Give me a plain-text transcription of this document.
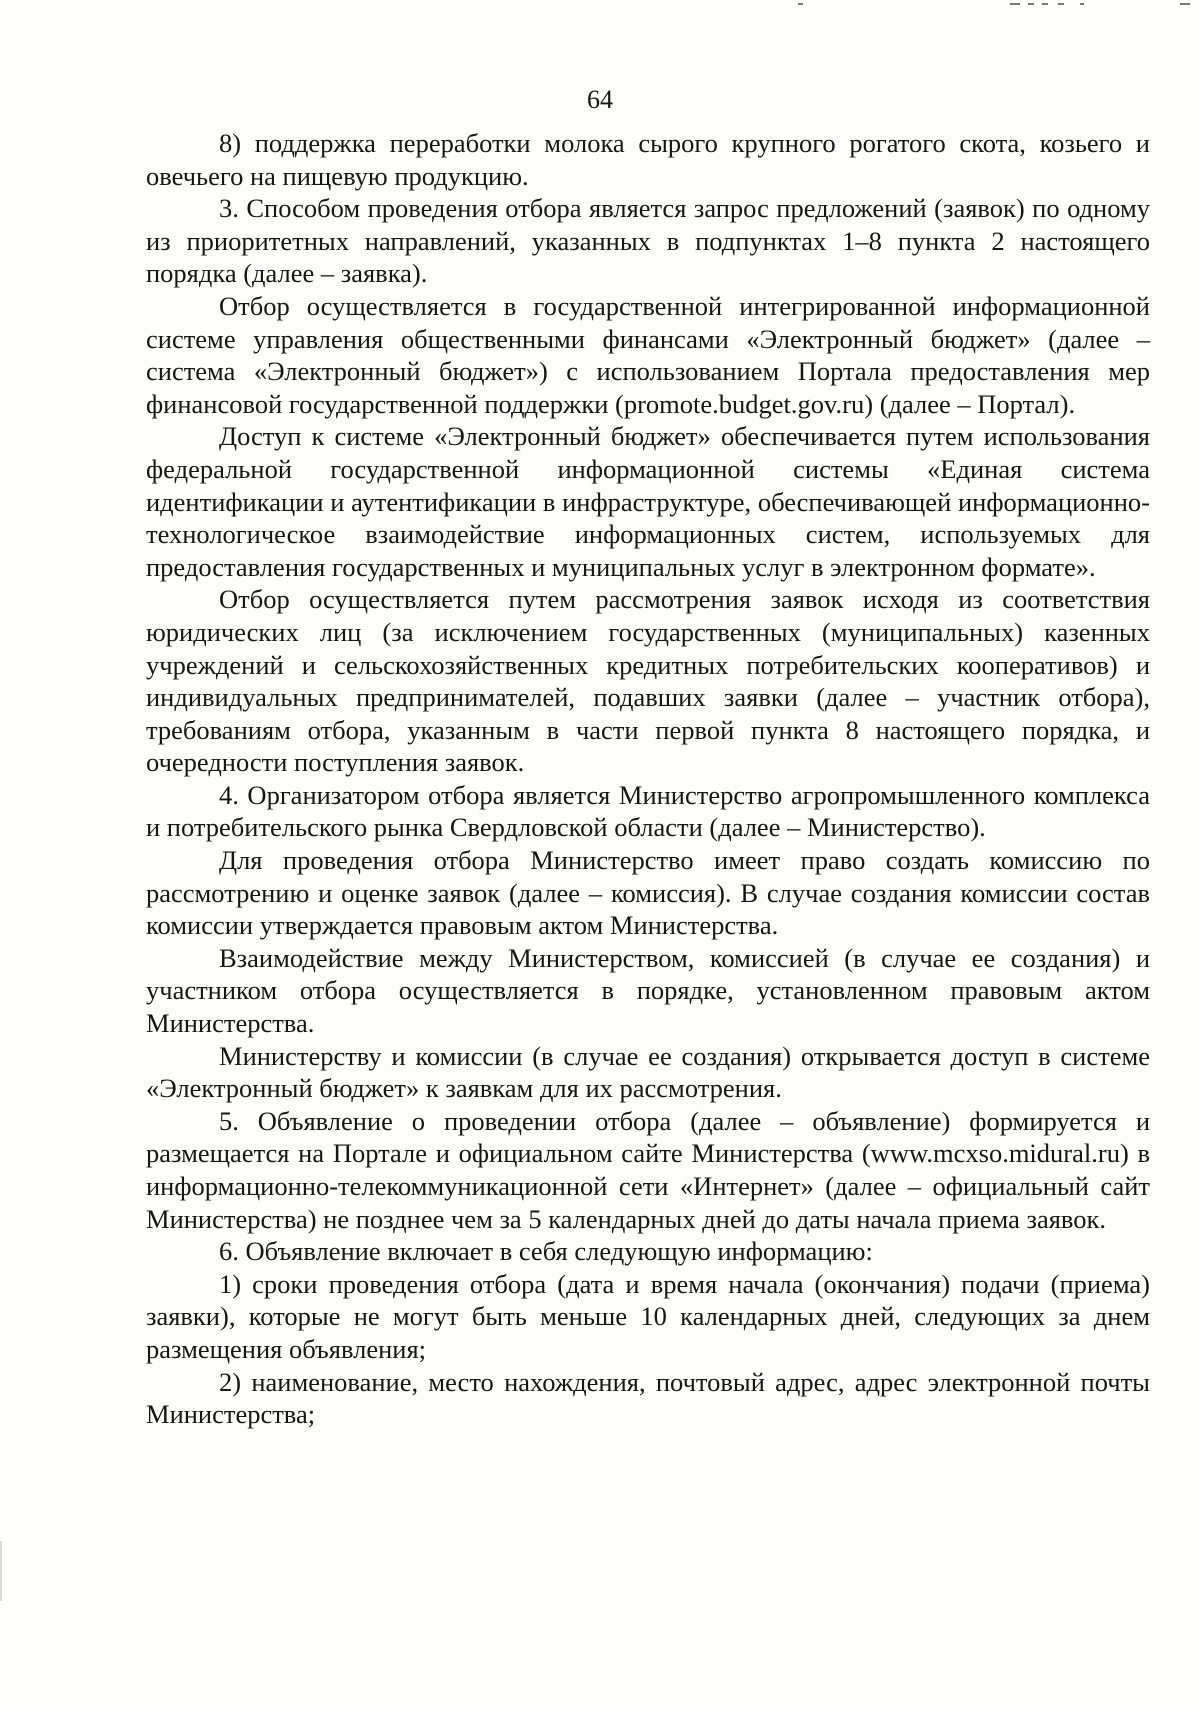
64

8) поддержка переработки молока сырого крупного рогатого скота, козьего и овечьего на пищевую продукцию.

3. Способом проведения отбора является запрос предложений (заявок) по одному из приоритетных направлений, указанных в подпунктах 1–8 пункта 2 настоящего порядка (далее – заявка).

Отбор осуществляется в государственной интегрированной информационной системе управления общественными финансами «Электронный бюджет» (далее – система «Электронный бюджет») с использованием Портала предоставления мер финансовой государственной поддержки (promote.budget.gov.ru) (далее – Портал).

Доступ к системе «Электронный бюджет» обеспечивается путем использования федеральной государственной информационной системы «Единая система идентификации и аутентификации в инфраструктуре, обеспечивающей информационно-технологическое взаимодействие информационных систем, используемых для предоставления государственных и муниципальных услуг в электронном формате».

Отбор осуществляется путем рассмотрения заявок исходя из соответствия юридических лиц (за исключением государственных (муниципальных) казенных учреждений и сельскохозяйственных кредитных потребительских кооперативов) и индивидуальных предпринимателей, подавших заявки (далее – участник отбора), требованиям отбора, указанным в части первой пункта 8 настоящего порядка, и очередности поступления заявок.

4. Организатором отбора является Министерство агропромышленного комплекса и потребительского рынка Свердловской области (далее – Министерство).

Для проведения отбора Министерство имеет право создать комиссию по рассмотрению и оценке заявок (далее – комиссия). В случае создания комиссии состав комиссии утверждается правовым актом Министерства.

Взаимодействие между Министерством, комиссией (в случае ее создания) и участником отбора осуществляется в порядке, установленном правовым актом Министерства.

Министерству и комиссии (в случае ее создания) открывается доступ в системе «Электронный бюджет» к заявкам для их рассмотрения.

5. Объявление о проведении отбора (далее – объявление) формируется и размещается на Портале и официальном сайте Министерства (www.mcxso.midural.ru) в информационно-телекоммуникационной сети «Интернет» (далее – официальный сайт Министерства) не позднее чем за 5 календарных дней до даты начала приема заявок.

6. Объявление включает в себя следующую информацию:

1) сроки проведения отбора (дата и время начала (окончания) подачи (приема) заявки), которые не могут быть меньше 10 календарных дней, следующих за днем размещения объявления;

2) наименование, место нахождения, почтовый адрес, адрес электронной почты Министерства;
